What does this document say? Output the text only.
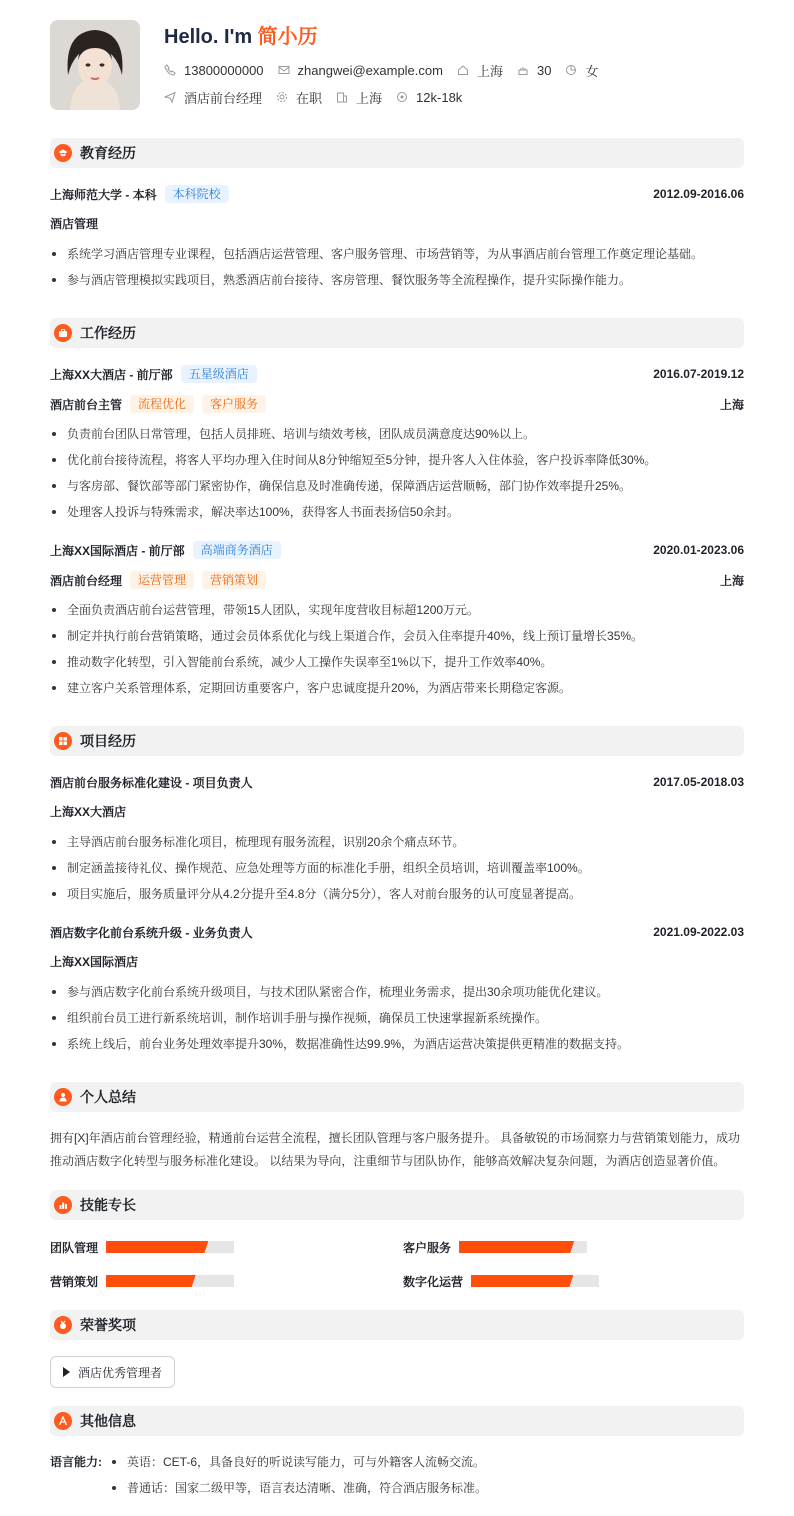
Hello. I'm 简小历
13800000000	zhangwei@example.com	上海	30	女
酒店前台经理	在职	上海	12k-18k
教育经历
上海师范大学 - 本科	本科院校	2012.09-2016.06
酒店管理
系统学习酒店管理专业课程，包括酒店运营管理、客户服务管理、市场营销等，为从事酒店前台管理工作奠定理论基础。
参与酒店管理模拟实践项目，熟悉酒店前台接待、客房管理、餐饮服务等全流程操作，提升实际操作能力。
工作经历
上海XX大酒店 - 前厅部	五星级酒店	2016.07-2019.12
酒店前台主管	流程优化	客户服务	上海
负责前台团队日常管理，包括人员排班、培训与绩效考核，团队成员满意度达90%以上。
优化前台接待流程，将客人平均办理入住时间从8分钟缩短至5分钟，提升客人入住体验，客户投诉率降低30%。
与客房部、餐饮部等部门紧密协作，确保信息及时准确传递，保障酒店运营顺畅，部门协作效率提升25%。
处理客人投诉与特殊需求，解决率达100%，获得客人书面表扬信50余封。
上海XX国际酒店 - 前厅部	高端商务酒店	2020.01-2023.06
酒店前台经理	运营管理	营销策划	上海
全面负责酒店前台运营管理，带领15人团队，实现年度营收目标超1200万元。
制定并执行前台营销策略，通过会员体系优化与线上渠道合作，会员入住率提升40%，线上预订量增长35%。
推动数字化转型，引入智能前台系统，减少人工操作失误率至1%以下，提升工作效率40%。
建立客户关系管理体系，定期回访重要客户，客户忠诚度提升20%，为酒店带来长期稳定客源。
项目经历
酒店前台服务标准化建设 - 项目负责人	2017.05-2018.03
上海XX大酒店
主导酒店前台服务标准化项目，梳理现有服务流程，识别20余个痛点环节。
制定涵盖接待礼仪、操作规范、应急处理等方面的标准化手册，组织全员培训，培训覆盖率100%。
项目实施后，服务质量评分从4.2分提升至4.8分（满分5分），客人对前台服务的认可度显著提高。
酒店数字化前台系统升级 - 业务负责人	2021.09-2022.03
上海XX国际酒店
参与酒店数字化前台系统升级项目，与技术团队紧密合作，梳理业务需求，提出30余项功能优化建议。
组织前台员工进行新系统培训，制作培训手册与操作视频，确保员工快速掌握新系统操作。
系统上线后，前台业务处理效率提升30%，数据准确性达99.9%，为酒店运营决策提供更精准的数据支持。
个人总结
拥有[X]年酒店前台管理经验，精通前台运营全流程，擅长团队管理与客户服务提升。 具备敏锐的市场洞察力与营销策划能力，成功
推动酒店数字化转型与服务标准化建设。 以结果为导向，注重细节与团队协作，能够高效解决复杂问题，为酒店创造显著价值。
技能专长
团队管理	客户服务
营销策划	数字化运营
荣誉奖项
酒店优秀管理者
其他信息
语言能力:	英语：CET-6，具备良好的听说读写能力，可与外籍客人流畅交流。
普通话：国家二级甲等，语言表达清晰、准确，符合酒店服务标准。
